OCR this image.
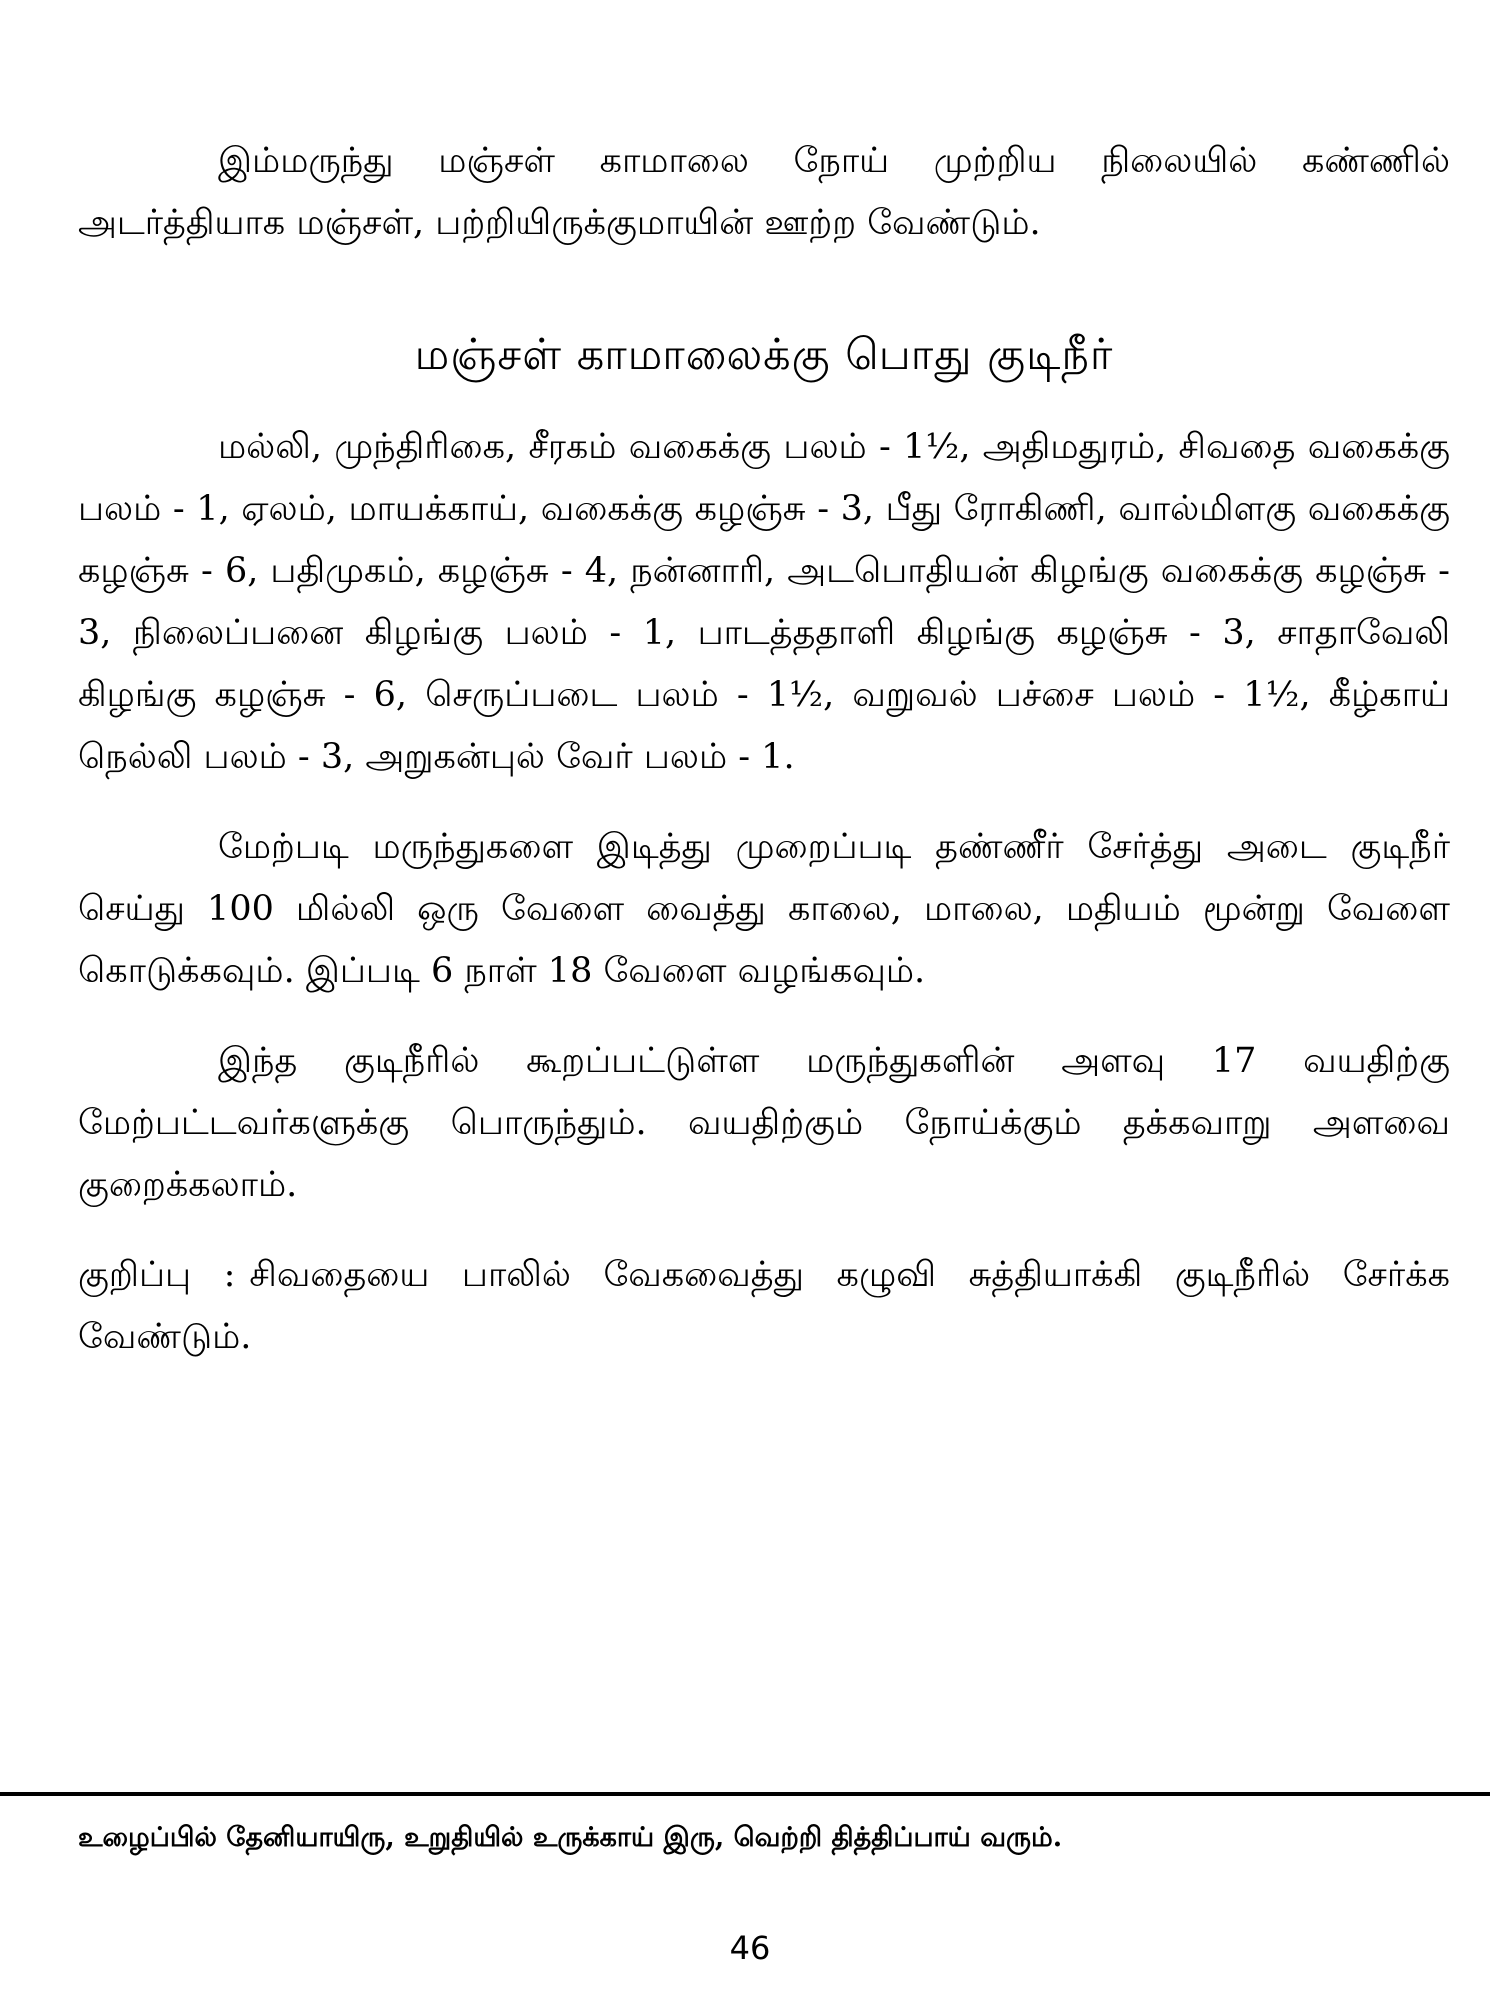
இம்மருந்து மஞ்சள் காமாலை நோய் முற்றிய நிலையில் கண்ணில் அடர்த்தியாக மஞ்சள், பற்றியிருக்குமாயின் ஊற்ற வேண்டும்.

மஞ்சள் காமாலைக்கு பொது குடிநீர்

மல்லி, முந்திரிகை, சீரகம் வகைக்கு பலம் - 1½, அதிமதுரம், சிவதை வகைக்கு பலம் - 1, ஏலம், மாயக்காய், வகைக்கு கழஞ்சு - 3, பீது ரோகிணி, வால்மிளகு வகைக்கு கழஞ்சு - 6, பதிமுகம், கழஞ்சு - 4, நன்னாரி, அடபொதியன் கிழங்கு வகைக்கு கழஞ்சு - 3, நிலைப்பனை கிழங்கு பலம் - 1, பாடத்ததாளி கிழங்கு கழஞ்சு - 3, சாதாவேலி கிழங்கு கழஞ்சு - 6, செருப்படை பலம் - 1½, வறுவல் பச்சை பலம் - 1½, கீழ்காய் நெல்லி பலம் - 3, அறுகன்புல் வேர் பலம் - 1.

மேற்படி மருந்துகளை இடித்து முறைப்படி தண்ணீர் சேர்த்து அடை குடிநீர் செய்து 100 மில்லி ஒரு வேளை வைத்து காலை, மாலை, மதியம் மூன்று வேளை கொடுக்கவும். இப்படி 6 நாள் 18 வேளை வழங்கவும்.

இந்த குடிநீரில் கூறப்பட்டுள்ள மருந்துகளின் அளவு 17 வயதிற்கு மேற்பட்டவர்களுக்கு பொருந்தும். வயதிற்கும் நோய்க்கும் தக்கவாறு அளவை குறைக்கலாம்.

குறிப்பு : சிவதையை பாலில் வேகவைத்து கழுவி சுத்தியாக்கி குடிநீரில் சேர்க்க வேண்டும்.

உழைப்பில் தேனியாயிரு, உறுதியில் உருக்காய் இரு, வெற்றி தித்திப்பாய் வரும்.
46
